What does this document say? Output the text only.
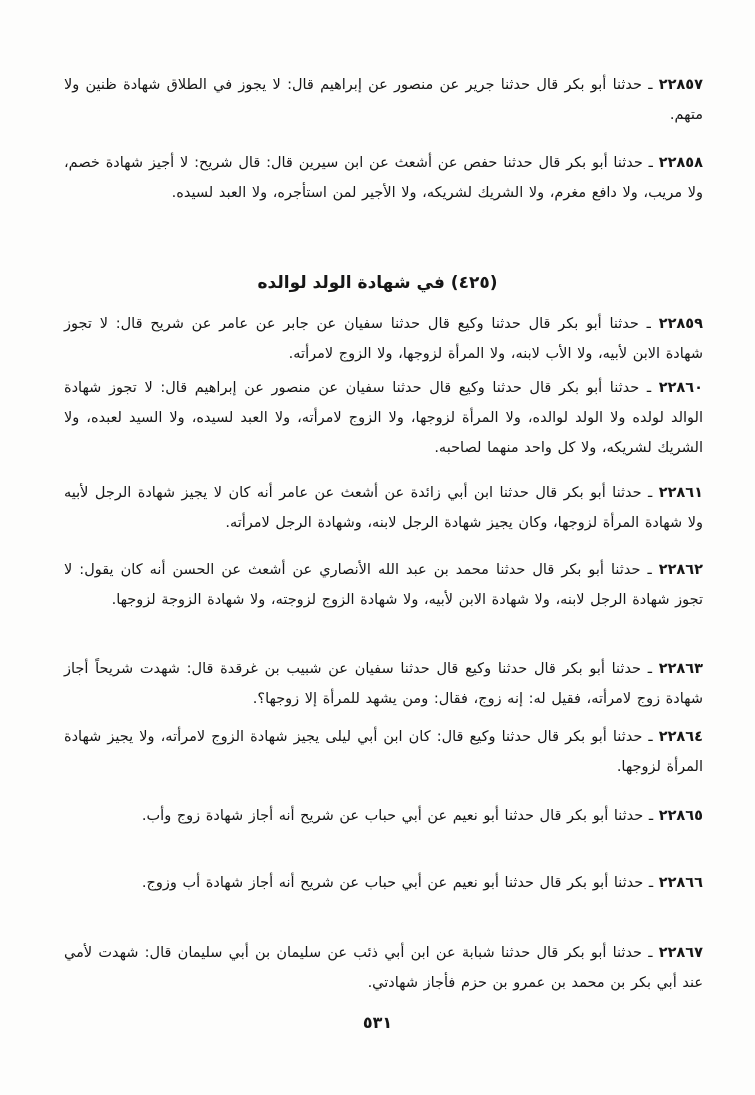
٢٢٨٥٧ ـ حدثنا أبو بكر قال حدثنا جرير عن منصور عن إبراهيم قال: لا يجوز في الطلاق شهادة ظنين ولا متهم.

٢٢٨٥٨ ـ حدثنا أبو بكر قال حدثنا حفص عن أشعث عن ابن سيرين قال: قال شريح: لا أجيز شهادة خصم، ولا مريب، ولا دافع مغرم، ولا الشريك لشريكه، ولا الأجير لمن استأجره، ولا العبد لسيده.

(٤٢٥) في شهادة الولد لوالده

٢٢٨٥٩ ـ حدثنا أبو بكر قال حدثنا وكيع قال حدثنا سفيان عن جابر عن عامر عن شريح قال: لا تجوز شهادة الابن لأبيه، ولا الأب لابنه، ولا المرأة لزوجها، ولا الزوج لامرأته.

٢٢٨٦٠ ـ حدثنا أبو بكر قال حدثنا وكيع قال حدثنا سفيان عن منصور عن إبراهيم قال: لا تجوز شهادة الوالد لولده ولا الولد لوالده، ولا المرأة لزوجها، ولا الزوج لامرأته، ولا العبد لسيده، ولا السيد لعبده، ولا الشريك لشريكه، ولا كل واحد منهما لصاحبه.

٢٢٨٦١ ـ حدثنا أبو بكر قال حدثنا ابن أبي زائدة عن أشعث عن عامر أنه كان لا يجيز شهادة الرجل لأبيه ولا شهادة المرأة لزوجها، وكان يجيز شهادة الرجل لابنه، وشهادة الرجل لامرأته.

٢٢٨٦٢ ـ حدثنا أبو بكر قال حدثنا محمد بن عبد الله الأنصاري عن أشعث عن الحسن أنه كان يقول: لا تجوز شهادة الرجل لابنه، ولا شهادة الابن لأبيه، ولا شهادة الزوج لزوجته، ولا شهادة الزوجة لزوجها.

٢٢٨٦٣ ـ حدثنا أبو بكر قال حدثنا وكيع قال حدثنا سفيان عن شبيب بن غرقدة قال: شهدت شريحاً أجاز شهادة زوج لامرأته، فقيل له: إنه زوج، فقال: ومن يشهد للمرأة إلا زوجها؟.

٢٢٨٦٤ ـ حدثنا أبو بكر قال حدثنا وكيع قال: كان ابن أبي ليلى يجيز شهادة الزوج لامرأته، ولا يجيز شهادة المرأة لزوجها.

٢٢٨٦٥ ـ حدثنا أبو بكر قال حدثنا أبو نعيم عن أبي حباب عن شريح أنه أجاز شهادة زوج وأب.

٢٢٨٦٦ ـ حدثنا أبو بكر قال حدثنا أبو نعيم عن أبي حباب عن شريح أنه أجاز شهادة أب وزوج.

٢٢٨٦٧ ـ حدثنا أبو بكر قال حدثنا شبابة عن ابن أبي ذئب عن سليمان بن أبي سليمان قال: شهدت لأمي عند أبي بكر بن محمد بن عمرو بن حزم فأجاز شهادتي.

٥٣١
